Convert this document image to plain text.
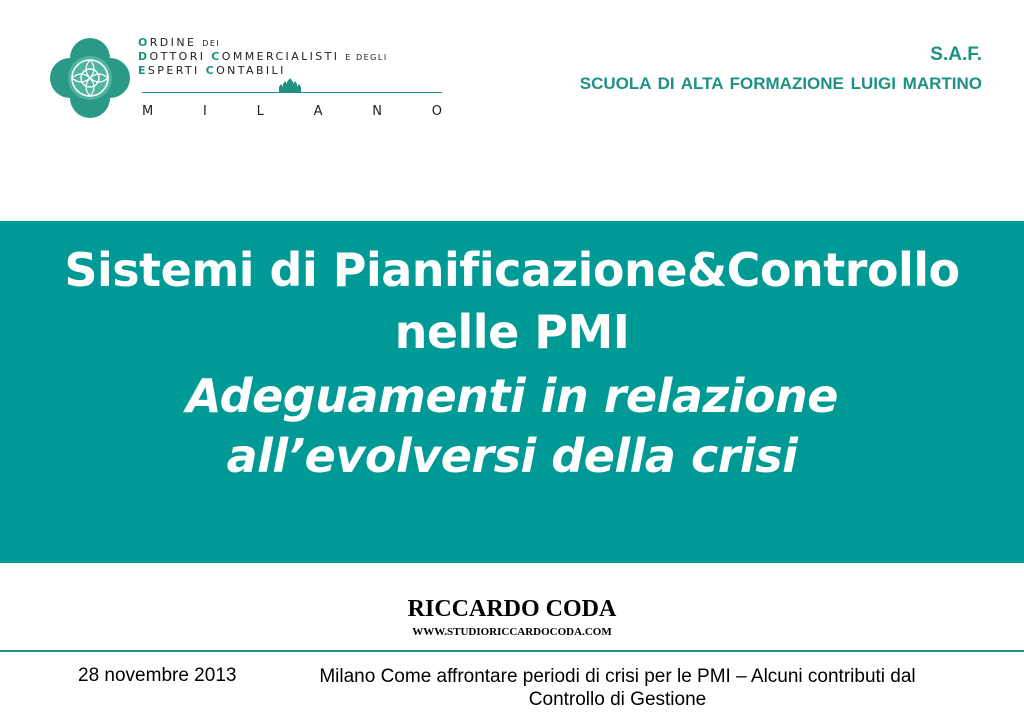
ORDINE DEI
DOTTORI COMMERCIALISTI E DEGLI
ESPERTI CONTABILI
M	I	L	A	N	O
S.A.F.
SCUOLA DI ALTA FORMAZIONE LUIGI MARTINO
Sistemi di Pianificazione&Controllo
nelle PMI
Adeguamenti in relazione
all’evolversi della crisi
RICCARDO CODA
WWW.STUDIORICCARDOCODA.COM
28 novembre 2013	Milano Come affrontare periodi di crisi per le PMI – Alcuni contributi dal Controllo di Gestione
